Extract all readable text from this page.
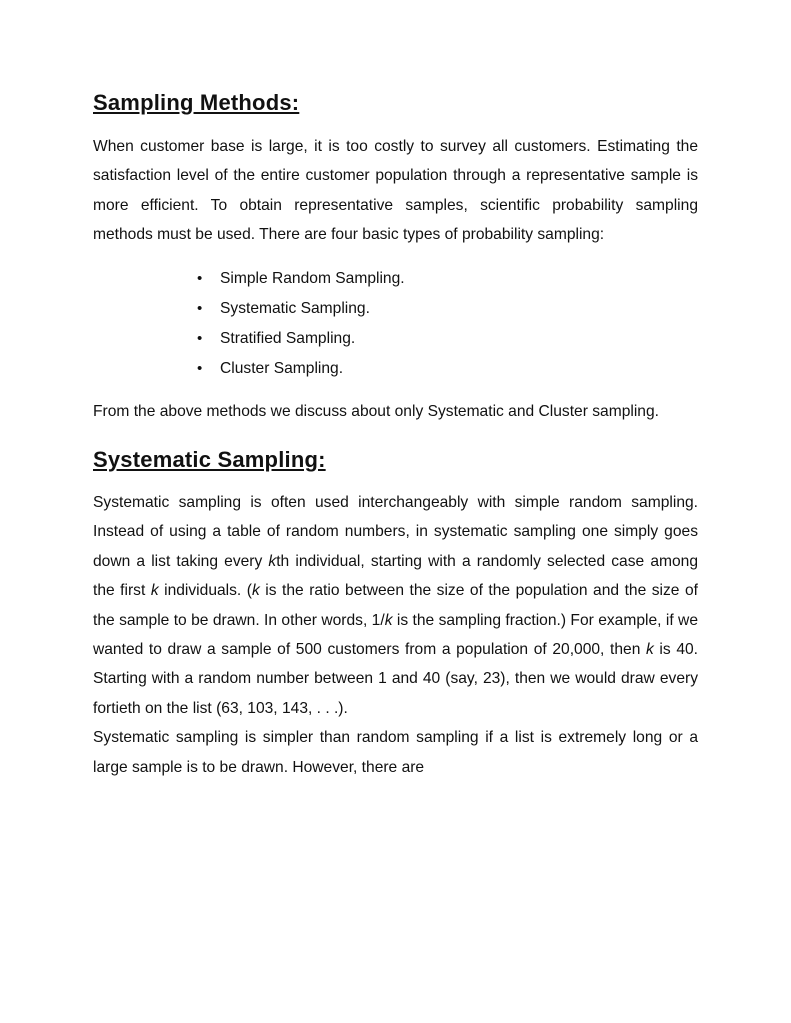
Sampling Methods:

When customer base is large, it is too costly to survey all customers. Estimating the satisfaction level of the entire customer population through a representative sample is more efficient. To obtain representative samples, scientific probability sampling methods must be used. There are four basic types of probability sampling:

• Simple Random Sampling.
• Systematic Sampling.
• Stratified Sampling.
• Cluster Sampling.

From the above methods we discuss about only Systematic and Cluster sampling.

Systematic Sampling:

Systematic sampling is often used interchangeably with simple random sampling. Instead of using a table of random numbers, in systematic sampling one simply goes down a list taking every kth individual, starting with a randomly selected case among the first k individuals. (k is the ratio between the size of the population and the size of the sample to be drawn. In other words, 1/k is the sampling fraction.) For example, if we wanted to draw a sample of 500 customers from a population of 20,000, then k is 40. Starting with a random number between 1 and 40 (say, 23), then we would draw every fortieth on the list (63, 103, 143, . . .).

Systematic sampling is simpler than random sampling if a list is extremely long or a large sample is to be drawn. However, there are
